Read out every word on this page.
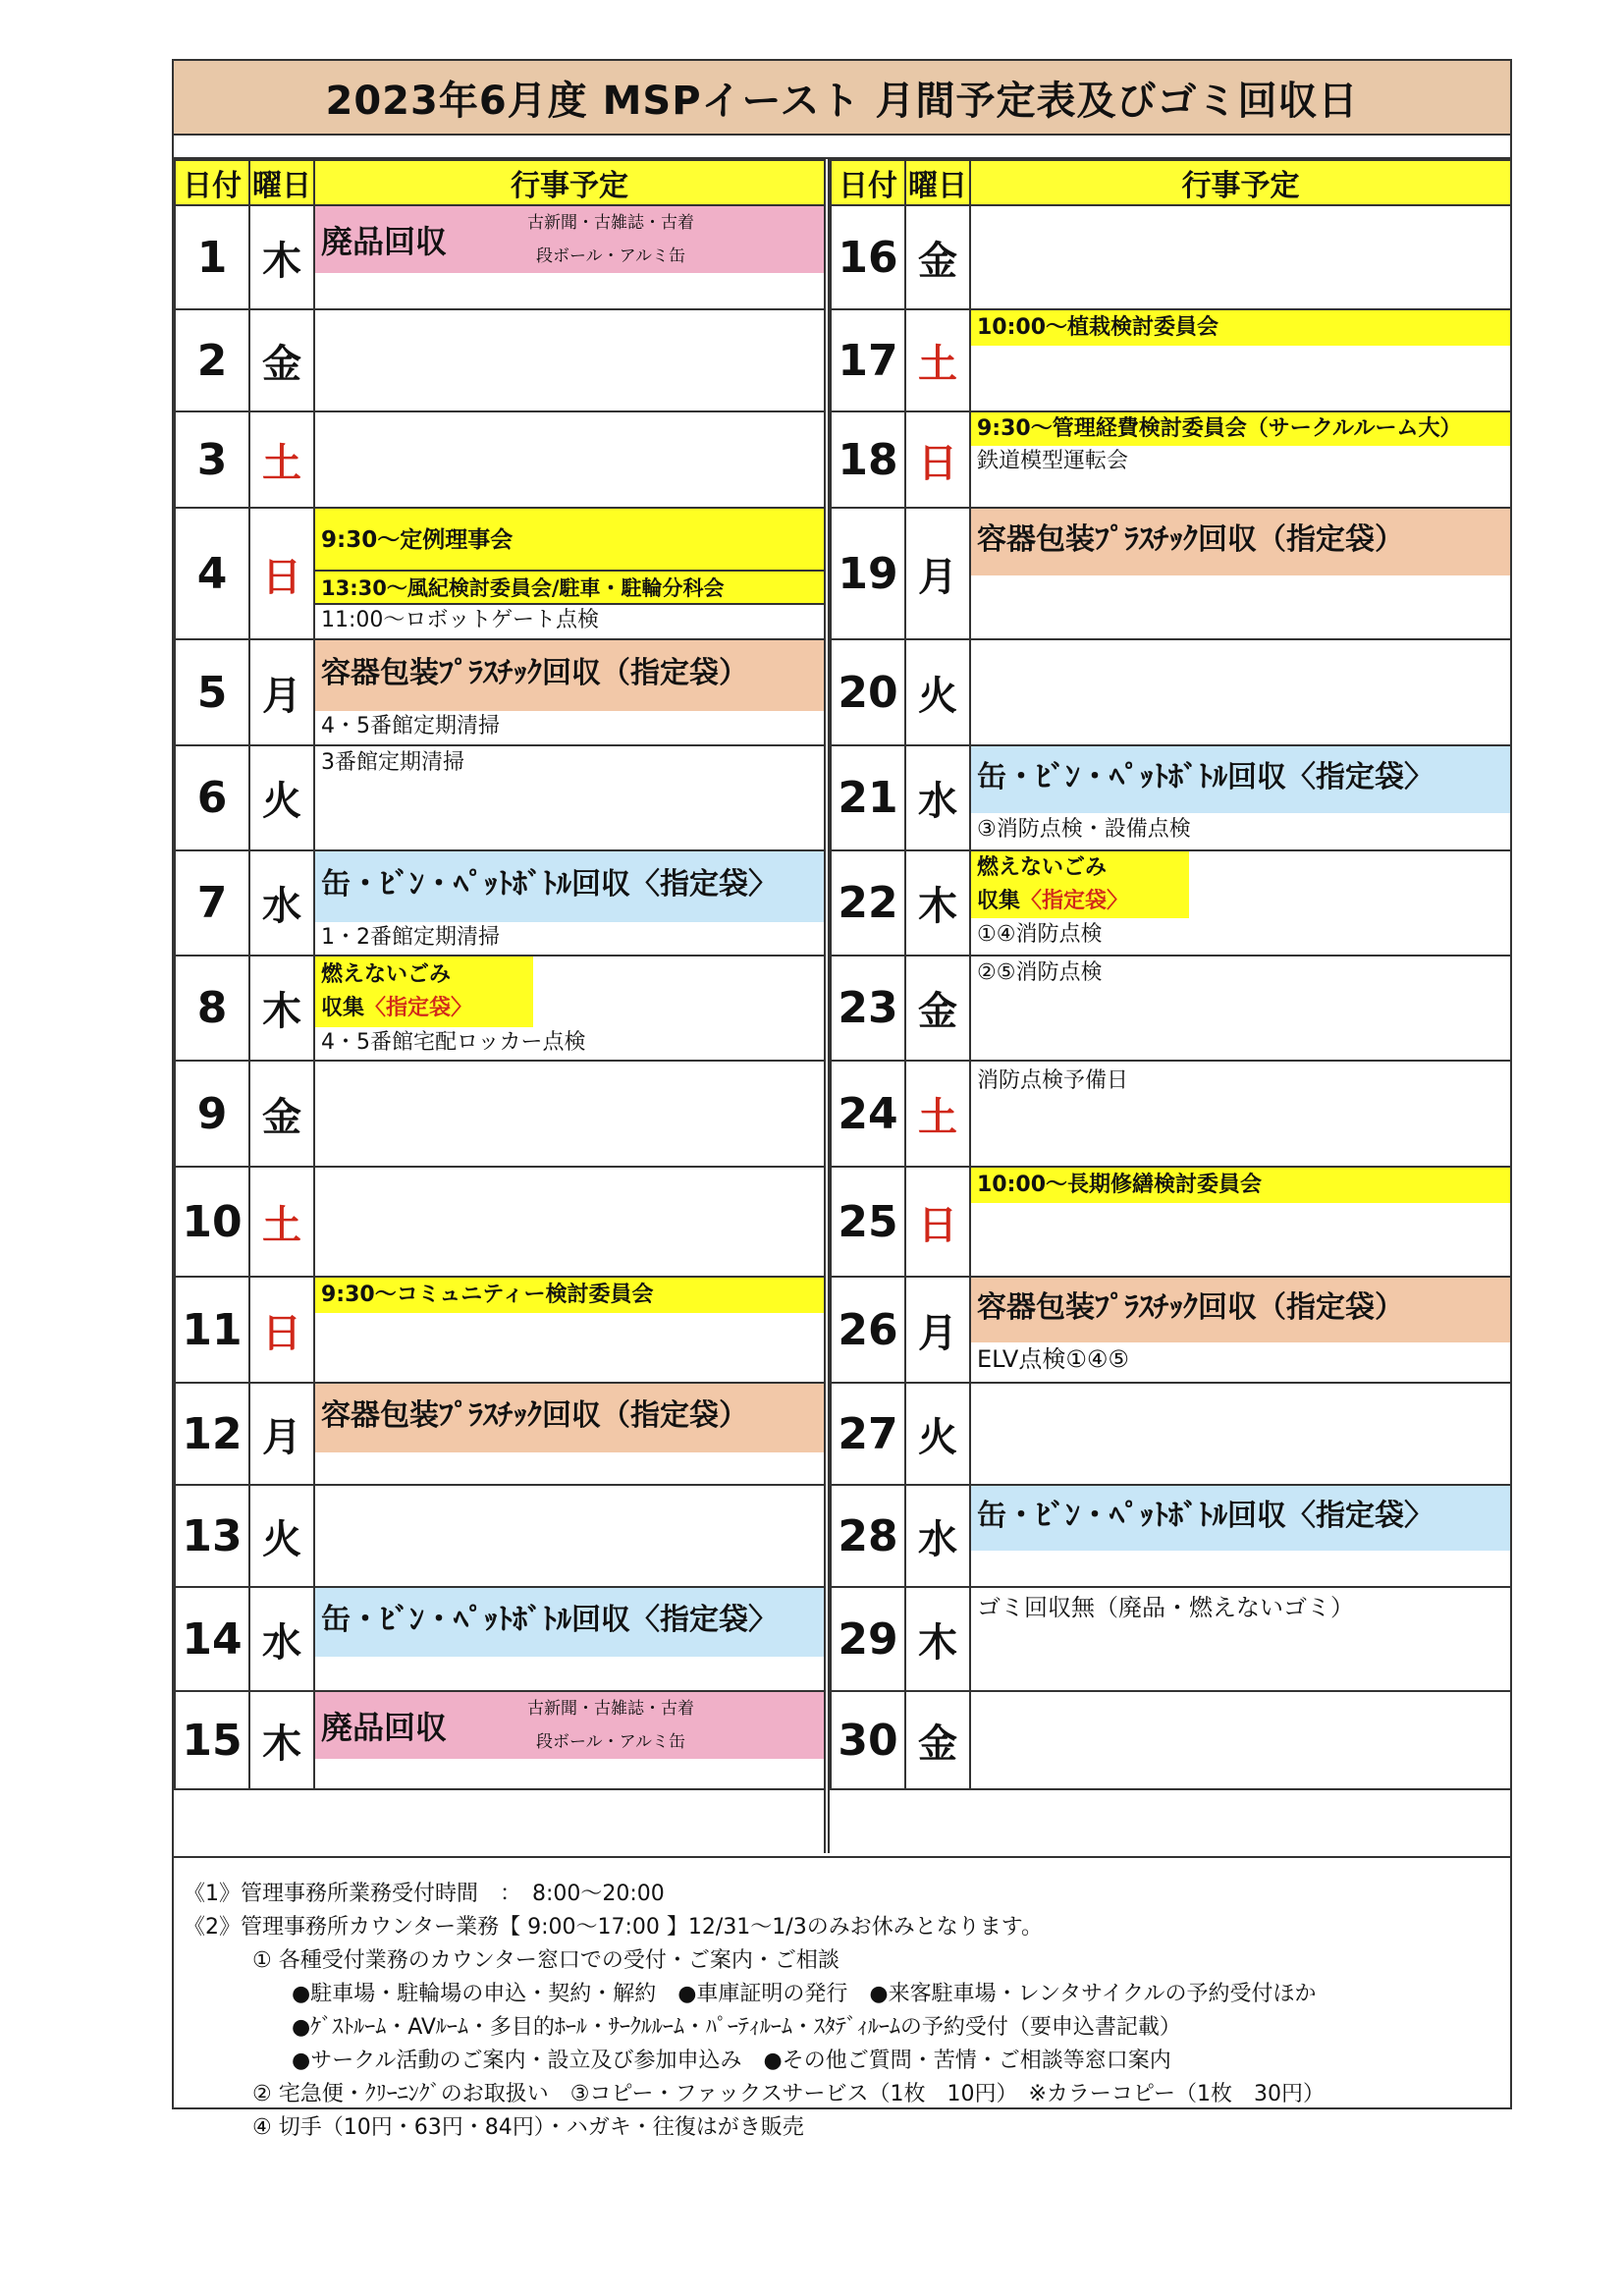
2023年6月度 MSPイースト 月間予定表及びゴミ回収日
日付	曜日	行事予定
1	木	廃品回収 古新聞・古雑誌・古着
段ボール・アルミ缶

2	金	
3	土	
4	日	9:30～定例理事会
13:30～風紀検討委員会/駐車・駐輪分科会
11:00～ロボットゲート点検

5	月	容器包装ﾌﾟﾗｽﾁｯｸ回収（指定袋）
4・5番館定期清掃

6	火	3番館定期清掃

7	水	缶・ﾋﾞﾝ・ﾍﾟｯﾄﾎﾞﾄﾙ回収〈指定袋〉
1・2番館定期清掃

8	木	燃えないごみ
収集〈指定袋〉
4・5番館宅配ロッカー点検

9	金	
10	土	
11	日	9:30～コミュニティー検討委員会

12	月	容器包装ﾌﾟﾗｽﾁｯｸ回収（指定袋）

13	火	
14	水	缶・ﾋﾞﾝ・ﾍﾟｯﾄﾎﾞﾄﾙ回収〈指定袋〉

15	木	廃品回収 古新聞・古雑誌・古着
段ボール・アルミ缶
日付	曜日	行事予定
16	金	
17	土	10:00～植栽検討委員会

18	日	9:30～管理経費検討委員会（サークルルーム大）
鉄道模型運転会

19	月	容器包装ﾌﾟﾗｽﾁｯｸ回収（指定袋）

20	火	
21	水	缶・ﾋﾞﾝ・ﾍﾟｯﾄﾎﾞﾄﾙ回収〈指定袋〉
③消防点検・設備点検

22	木	燃えないごみ
収集〈指定袋〉
①④消防点検

23	金	②⑤消防点検

24	土	消防点検予備日

25	日	10:00～長期修繕検討委員会

26	月	容器包装ﾌﾟﾗｽﾁｯｸ回収（指定袋）
ELV点検①④⑤

27	火	
28	水	缶・ﾋﾞﾝ・ﾍﾟｯﾄﾎﾞﾄﾙ回収〈指定袋〉

29	木	ゴミ回収無（廃品・燃えないゴミ）

30	金	
《1》管理事務所業務受付時間　：　8:00～20:00
《2》管理事務所カウンター業務【 9:00～17:00 】12/31～1/3のみお休みとなります。
① 各種受付業務のカウンター窓口での受付・ご案内・ご相談
●駐車場・駐輪場の申込・契約・解約　●車庫証明の発行　●来客駐車場・レンタサイクルの予約受付ほか
●ｹﾞｽﾄﾙｰﾑ・AVﾙｰﾑ・多目的ﾎｰﾙ・ｻｰｸﾙﾙｰﾑ・ﾊﾟｰﾃｨﾙｰﾑ・ｽﾀﾃﾞｨﾙｰﾑの予約受付（要申込書記載）
●サークル活動のご案内・設立及び参加申込み　●その他ご質問・苦情・ご相談等窓口案内
② 宅急便・ｸﾘｰﾆﾝｸﾞのお取扱い　③コピー・ファックスサービス（1枚　10円）　※カラーコピー（1枚　30円）
④ 切手（10円・63円・84円）・ハガキ・往復はがき販売
